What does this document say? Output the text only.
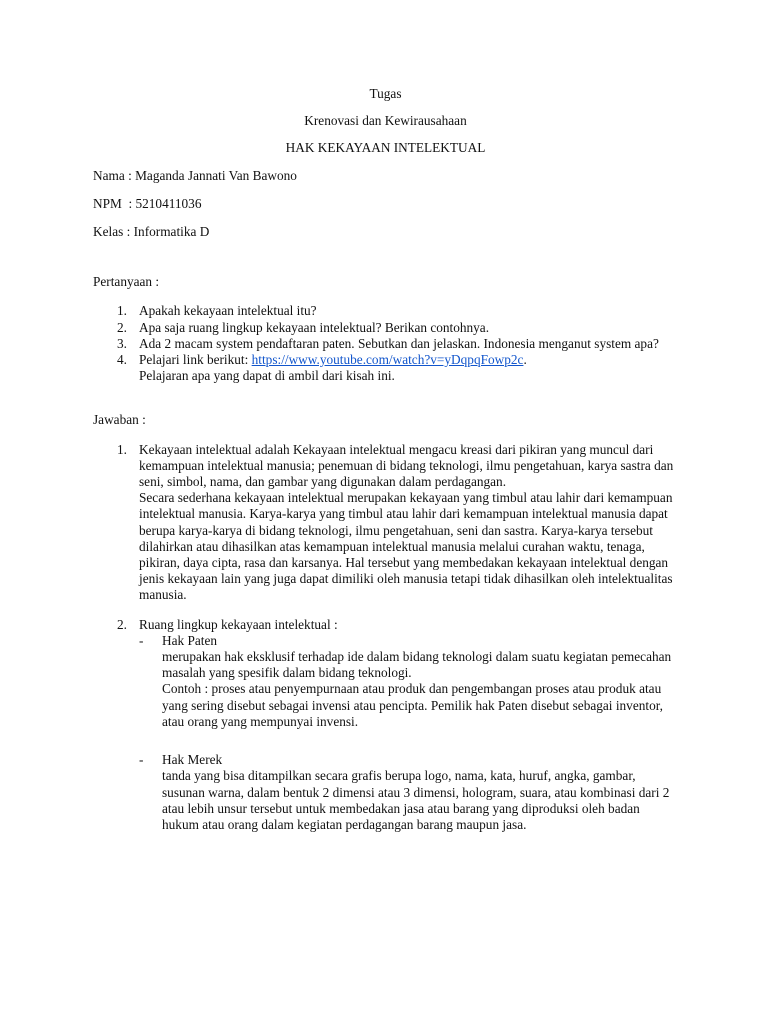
Tugas
Krenovasi dan Kewirausahaan
HAK KEKAYAAN INTELEKTUAL
Nama : Maganda Jannati Van Bawono
NPM  : 5210411036
Kelas : Informatika D
Pertanyaan :
1. Apakah kekayaan intelektual itu?
2. Apa saja ruang lingkup kekayaan intelektual? Berikan contohnya.
3. Ada 2 macam system pendaftaran paten. Sebutkan dan jelaskan. Indonesia menganut system apa?
4. Pelajari link berikut: https://www.youtube.com/watch?v=yDqpqFowp2c.
Pelajaran apa yang dapat di ambil dari kisah ini.
Jawaban :
1. Kekayaan intelektual adalah Kekayaan intelektual mengacu kreasi dari pikiran yang muncul dari kemampuan intelektual manusia; penemuan di bidang teknologi, ilmu pengetahuan, karya sastra dan seni, simbol, nama, dan gambar yang digunakan dalam perdagangan.
Secara sederhana kekayaan intelektual merupakan kekayaan yang timbul atau lahir dari kemampuan intelektual manusia. Karya-karya yang timbul atau lahir dari kemampuan intelektual manusia dapat berupa karya-karya di bidang teknologi, ilmu pengetahuan, seni dan sastra. Karya-karya tersebut dilahirkan atau dihasilkan atas kemampuan intelektual manusia melalui curahan waktu, tenaga, pikiran, daya cipta, rasa dan karsanya. Hal tersebut yang membedakan kekayaan intelektual dengan jenis kekayaan lain yang juga dapat dimiliki oleh manusia tetapi tidak dihasilkan oleh intelektualitas manusia.
2. Ruang lingkup kekayaan intelektual :
-	Hak Paten
merupakan hak eksklusif terhadap ide dalam bidang teknologi dalam suatu kegiatan pemecahan masalah yang spesifik dalam bidang teknologi.
Contoh : proses atau penyempurnaan atau produk dan pengembangan proses atau produk atau yang sering disebut sebagai invensi atau pencipta. Pemilik hak Paten disebut sebagai inventor, atau orang yang mempunyai invensi.
-	Hak Merek
tanda yang bisa ditampilkan secara grafis berupa logo, nama, kata, huruf, angka, gambar, susunan warna, dalam bentuk 2 dimensi atau 3 dimensi, hologram, suara, atau kombinasi dari 2 atau lebih unsur tersebut untuk membedakan jasa atau barang yang diproduksi oleh badan hukum atau orang dalam kegiatan perdagangan barang maupun jasa.
